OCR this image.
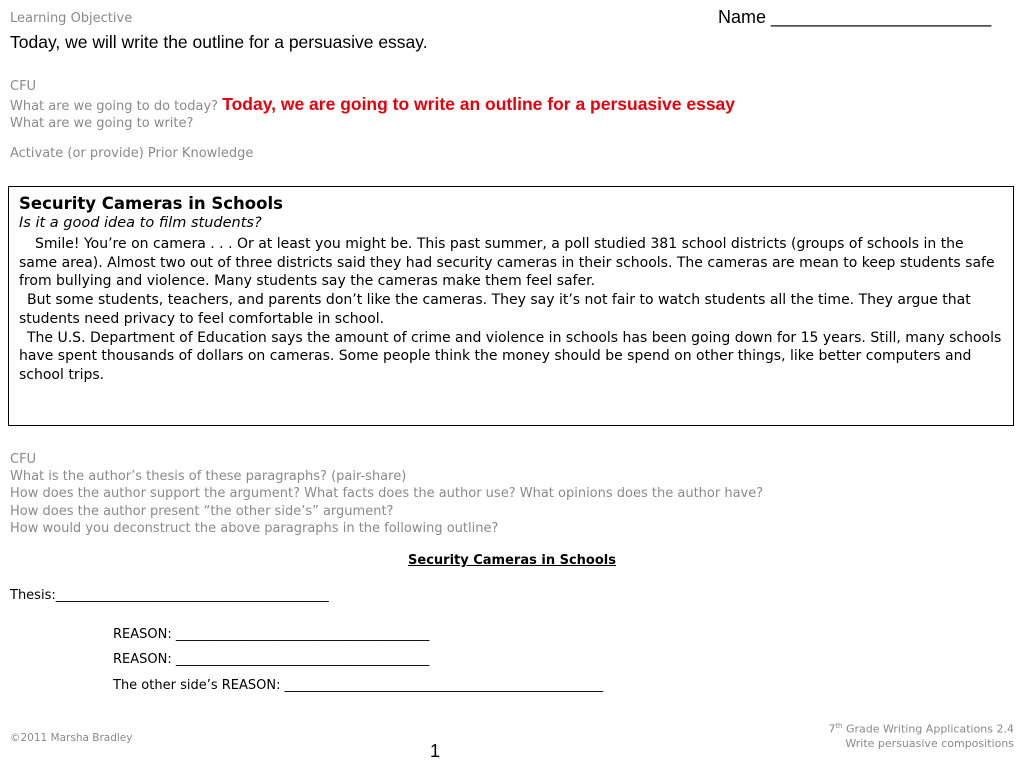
Learning Objective
Today, we will write the outline for a persuasive essay.
Name ______________________
CFU
What are we going to do today? Today, we are going to write an outline for a persuasive essay
What are we going to write?
Activate (or provide) Prior Knowledge
Security Cameras in Schools
Is it a good idea to film students?

Smile! You’re on camera . . . Or at least you might be. This past summer, a poll studied 381 school districts (groups of schools in the same area). Almost two out of three districts said they had security cameras in their schools. The cameras are mean to keep students safe from bullying and violence. Many students say the cameras make them feel safer.

But some students, teachers, and parents don’t like the cameras. They say it’s not fair to watch students all the time. They argue that students need privacy to feel comfortable in school.

The U.S. Department of Education says the amount of crime and violence in schools has been going down for 15 years. Still, many schools have spent thousands of dollars on cameras. Some people think the money should be spend on other things, like better computers and school trips.

CFU
What is the author’s thesis of these paragraphs? (pair-share)
How does the author support the argument? What facts does the author use? What opinions does the author have?
How does the author present “the other side’s” argument?
How would you deconstruct the above paragraphs in the following outline?
Security Cameras in Schools
Thesis:__________________________________________
REASON: _______________________________________
REASON: _______________________________________
The other side’s REASON: _________________________________________________
©2011 Marsha Bradley
7th Grade Writing Applications 2.4
Write persuasive compositions
1
